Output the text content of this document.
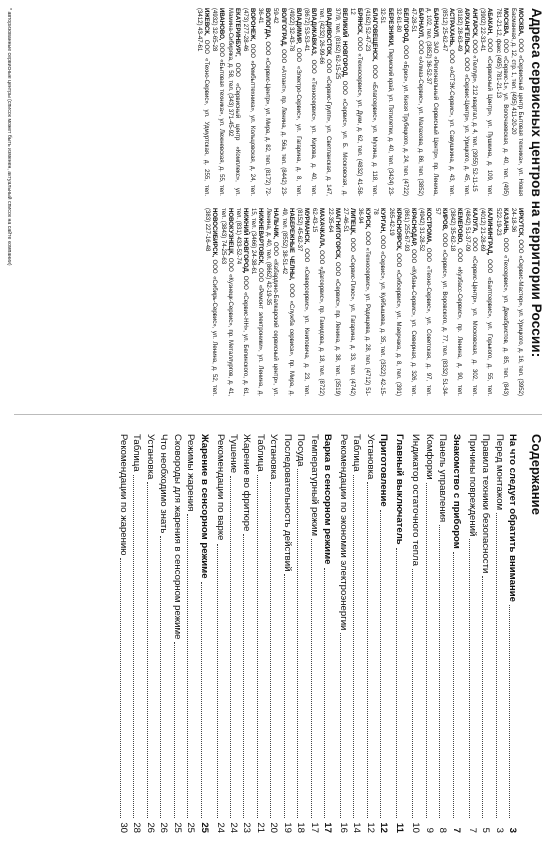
Адреса сервисных центров на территории России:
МОСКВА, ООО «Сервисный центр Бытовая техника», ул. Новая Басманная, д. 12, стр. 1, тел. (495) 411-20-20
МОСКВА, ООО «Сервис-1», ул. Волочаевская, д. 40, тел. (495) 781-21-12, факс (495) 781-21-13
АБАКАН, ООО «Сервисный Центр», ул. Пушкина, д. 109, тел. (3902) 22-33-41
АНГАРСК, ООО «Теллур», 212 квартал, д. 4, тел. (3955) 52-11-15
АРХАНГЕЛЬСК, ООО «Сервис-Центр», ул. Урицкого, д. 45, тел. (8182) 28-63-49
АСТРАХАНЬ, ООО «АСТЭК-Сервис», ул. Савушкина, д. 43, тел. (8512) 25-62-47
БАРНАУЛ, ЗАО «Региональный Сервисный Центр», пр. Ленина, д. 102, тел. (3852) 36-52-37
БАРНАУЛ, ООО «Алмаз-Сервис», ул. Малахова, д. 86, тел. (3852) 47-28-51
БЕЛГОРОД, ООО «Бриз», ул. Князя Трубецкого, д. 24, тел. (4722) 32-61-80
БЕРЕЗНИКИ, Пермский край, ул. Пятилетки, д. 40, тел. (3424) 23-32-51
БЛАГОВЕЩЕНСК, ООО «Благсервис», ул. Мухина, д. 118, тел. (4162) 52-47-23
БРЯНСК, ООО «Техносервис», ул. Дуки, д. 62, тел. (4832) 41-58-12
ВЕЛИКИЙ НОВГОРОД, ООО «Сервис», ул. Б. Московская, д. 37/9, тел. (8162) 62-15-25
ВЛАДИВОСТОК, ООО «Сервис-Групп», ул. Светланская, д. 147, тел. (4232) 26-99-66
ВЛАДИКАВКАЗ, ООО «Техносервис», ул. Кирова, д. 40, тел. (8672) 53-53-41
ВЛАДИМИР, ООО «Электро-Сервис», ул. Гагарина, д. 8, тел. (4922) 32-43-78
ВОЛГОГРАД, ООО «Атлант», пр. Ленина, д. 56а, тел. (8442) 23-59-42
ВОЛОГДА, ООО «Сервис-Центр», ул. Мира, д. 82, тел. (8172) 72-36-41
ВОРОНЕЖ, ООО «Рембыттехника», ул. Кольцовская, д. 24, тел. (473) 277-28-46
ЕКАТЕРИНБУРГ, ООО «Сервисный центр «Комплекс», ул. Мамина-Сибиряка, д. 58, тел. (343) 371-45-92
ИВАНОВО, ООО «Бытовая техника», ул. Лежневская, д. 55, тел. (4932) 32-65-28
ИЖЕВСК, ООО «Техно-Сервис», ул. Удмуртская, д. 255, тел. (3412) 43-47-61
ИРКУТСК, ООО «Сервис-Мастер», ул. Урицкого, д. 16, тел. (3952) 24-18-36
КАЗАНЬ, ООО «Техсервис», ул. Декабристов, д. 85, тел. (843) 522-19-23
КАЛИНИНГРАД, ООО «Балтсервис», ул. Горького, д. 55, тел. (4012) 21-28-69
КАЛУГА, ООО «Сервис-Центр», ул. Московская, д. 302, тел. (4842) 51-37-09
КЕМЕРОВО, ООО «Кузбасс-Сервис», пр. Ленина, д. 90, тел. (3842) 35-62-18
КИРОВ, ООО «Сервис», ул. Воровского, д. 77, тел. (8332) 51-34-57
КОСТРОМА, ООО «Техно-Сервис», ул. Советская, д. 97, тел. (4942) 31-28-52
КРАСНОДАР, ООО «Кубань-Сервис», ул. Северная, д. 326, тел. (861) 255-67-93
КРАСНОЯРСК, ООО «Сибсервис», ул. Маерчака, д. 8, тел. (391) 265-42-19
КУРГАН, ООО «Сервис», ул. Куйбышева, д. 35, тел. (3522) 42-15-78
КУРСК, ООО «Техносервис», ул. Радищева, д. 28, тел. (4712) 51-36-94
ЛИПЕЦК, ООО «Сервис-Плюс», ул. Гагарина, д. 33, тел. (4742) 27-46-51
МАГНИТОГОРСК, ООО «Сервис», пр. Ленина, д. 38, тел. (3519) 22-35-64
МАХАЧКАЛА, ООО «Дагсервис», пр. Гамидова, д. 18, тел. (8722) 62-43-15
МУРМАНСК, ООО «Северсервис», ул. Книповича, д. 23, тел. (8152) 45-62-37
НАБЕРЕЖНЫЕ ЧЕЛНЫ, ООО «Служба сервиса», пр. Мира, д. 49, тел. (8552) 38-51-42
НАЛЬЧИК, ООО «Кабардино-Балкарский сервисный центр», ул. Ленина, д. 40, тел. (8662) 42-19-35
НИЖНЕВАРТОВСК, ООО «Ремонт электроники», ул. Ленина, д. 15, тел. (3466) 24-38-61
НИЖНИЙ НОВГОРОД, ООО «Сервис-НН», ул. Белинского, д. 61, тел. (831) 433-52-74
НОВОКУЗНЕЦК, ООО «Кузнецк-Сервис», пр. Металлургов, д. 41, тел. (3843) 74-25-63
НОВОСИБИРСК, ООО «Сибирь-Сервис», ул. Ленина, д. 52, тел. (383) 227-16-48
* авторизованные сервисные центры (список может быть изменен, актуальный список на сайте компании)
Содержание
На что следует обратить внимание
3
Перед монтажом
3
Правила техники безопасности
5
Причины повреждений
7
Знакомство с прибором
7
Панель управления
8
Комфорки
9
Индикатор остаточного тепла
10
Главный выключатель
11
Приготовление
12
Установка
12
Таблица
14
Рекомендации по экономии электроэнергии
16
Варка в сенсорном режиме
17
Температурный режим
17
Посуда
18
Последовательность действий
19
Установка
20
Таблица
21
Жарение во фритюре
23
Тушение
24
Рекомендации по варке
24
Жарение в сенсорном режиме
25
Режимы жарения
25
Сковороды для жарения в сенсорном режиме
25
Что необходимо знать
26
Установка
26
Таблица
28
Рекомендации по жарению
30
